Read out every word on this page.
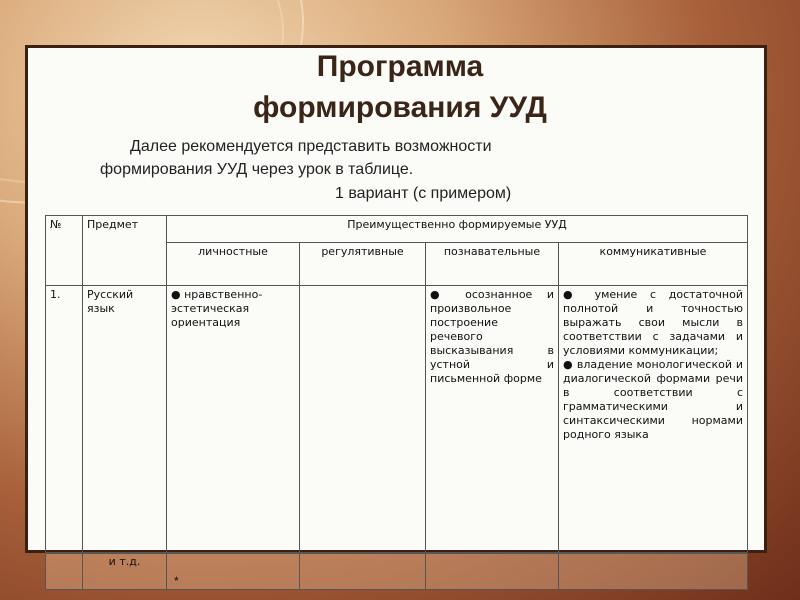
Программа
формирования УУД
Далее рекомендуется представить возможности
формирования УУД через урок в таблице.
1 вариант (с примером)
№	Предмет	Преимущественно формируемые УУД			
		личностные	регулятивные	познавательные	коммуникативные
1.	Русский язык	● нравственно-эстетическая ориентация		● осознанное и произвольное построение речевого высказывания в устной и письменной форме	● умение с достаточной полнотой и точностью выражать свои мысли в соответствии с задачами и условиями коммуникации;
● владение монологической и диалогической формами речи в соответствии с грамматическими и синтаксическими нормами родного языка

	и т.д.				
*
